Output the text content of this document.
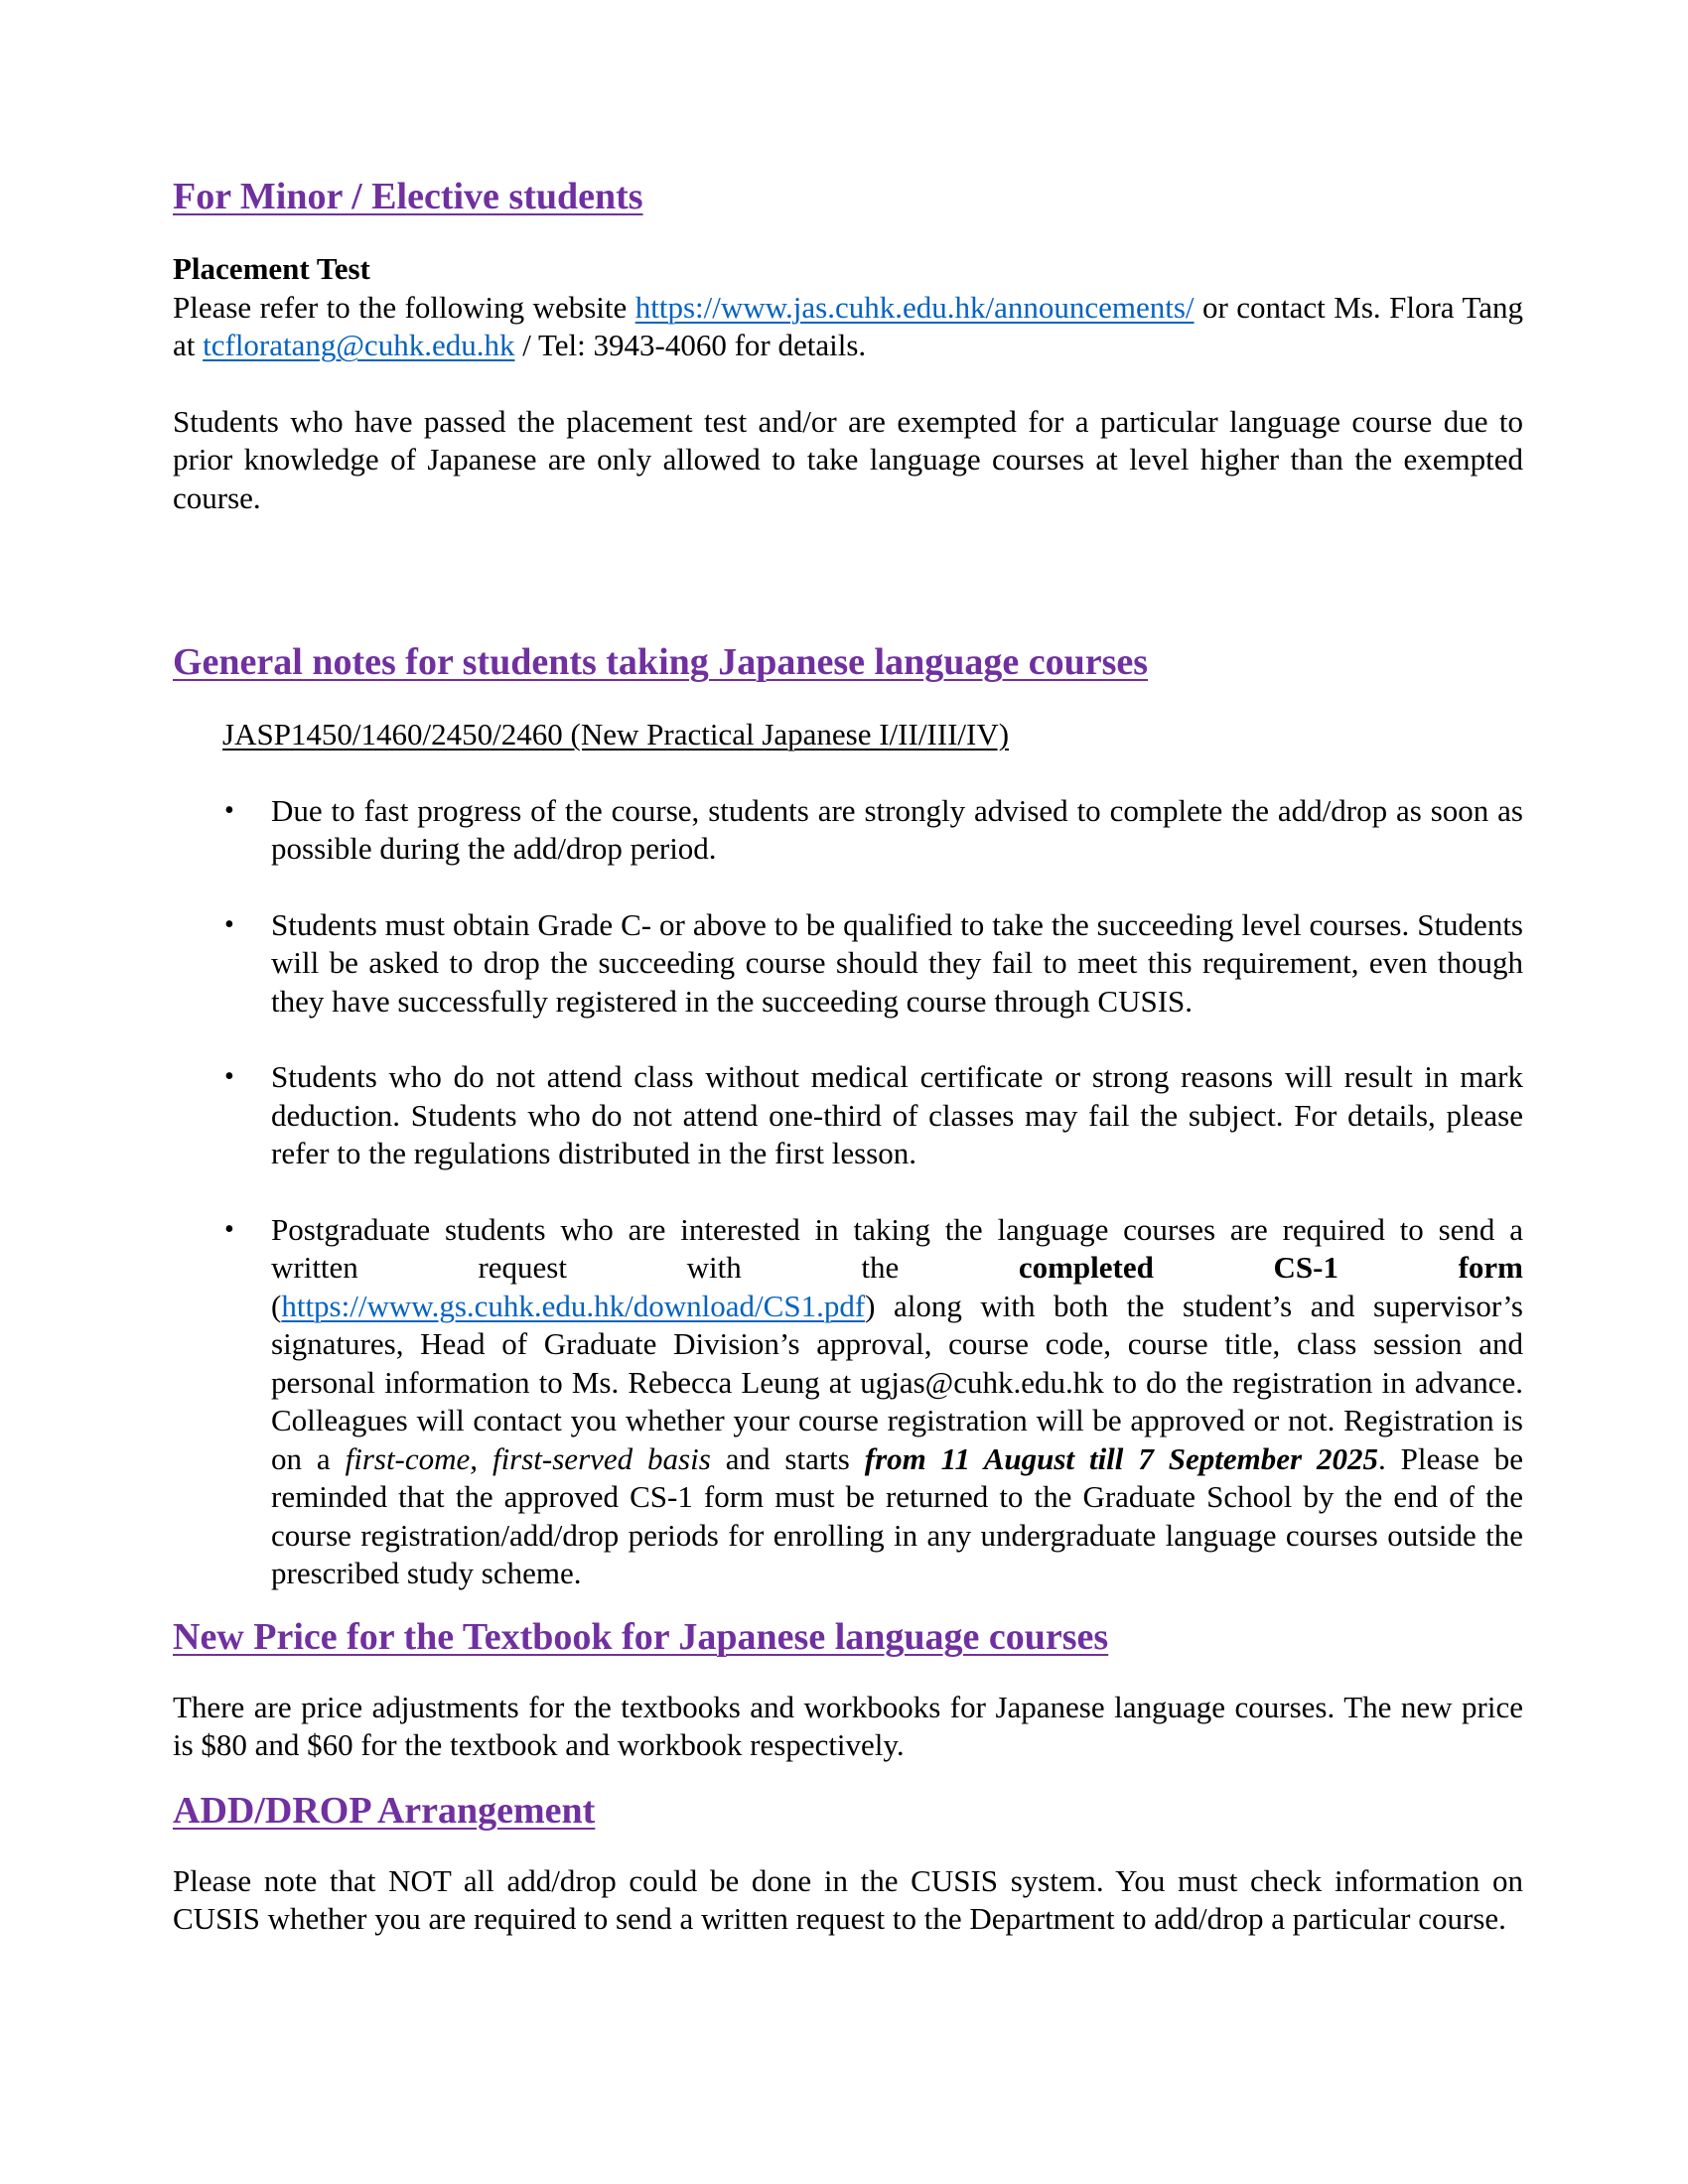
For Minor / Elective students

Placement Test

Please refer to the following website https://www.jas.cuhk.edu.hk/announcements/ or contact Ms. Flora Tang at tcfloratang@cuhk.edu.hk / Tel: 3943-4060 for details.

Students who have passed the placement test and/or are exempted for a particular language course due to prior knowledge of Japanese are only allowed to take language courses at level higher than the exempted course.

General notes for students taking Japanese language courses

JASP1450/1460/2450/2460 (New Practical Japanese I/II/III/IV)

• Due to fast progress of the course, students are strongly advised to complete the add/drop as soon as possible during the add/drop period.
• Students must obtain Grade C- or above to be qualified to take the succeeding level courses. Students will be asked to drop the succeeding course should they fail to meet this requirement, even though they have successfully registered in the succeeding course through CUSIS.
• Students who do not attend class without medical certificate or strong reasons will result in mark deduction. Students who do not attend one-third of classes may fail the subject. For details, please refer to the regulations distributed in the first lesson.
• Postgraduate students who are interested in taking the language courses are required to send a
written	request	with	the	completed	CS-1	form
(https://www.gs.cuhk.edu.hk/download/CS1.pdf) along with both the student’s and supervisor’s signatures, Head of Graduate Division’s approval, course code, course title, class session and personal information to Ms. Rebecca Leung at ugjas@cuhk.edu.hk to do the registration in advance. Colleagues will contact you whether your course registration will be approved or not. Registration is on a first-come, first-served basis and starts from 11 August till 7 September 2025. Please be reminded that the approved CS-1 form must be returned to the Graduate School by the end of the course registration/add/drop periods for enrolling in any undergraduate language courses outside the prescribed study scheme.
New Price for the Textbook for Japanese language courses

There are price adjustments for the textbooks and workbooks for Japanese language courses. The new price is $80 and $60 for the textbook and workbook respectively.

ADD/DROP Arrangement

Please note that NOT all add/drop could be done in the CUSIS system. You must check information on CUSIS whether you are required to send a written request to the Department to add/drop a particular course.
